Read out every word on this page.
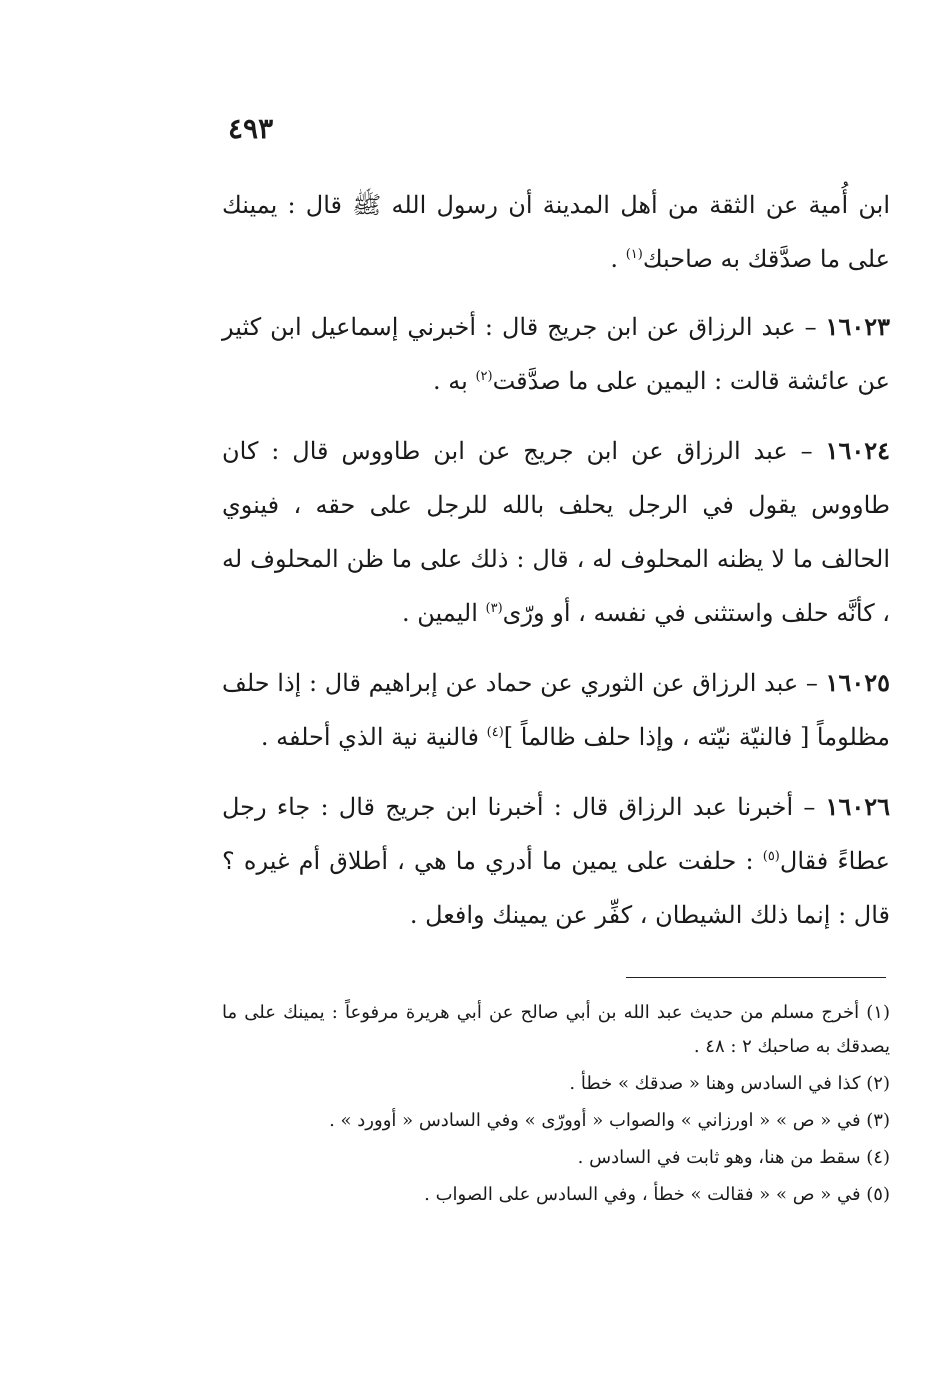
٤٩٣

ابن أُمية عن الثقة من أهل المدينة أن رسول الله ﷺ قال : يمينك على ما صدَّقك به صاحبك$^{(١)}$ .

١٦٠٢٣ – عبد الرزاق عن ابن جريج قال : أخبرني إسماعيل ابن كثير عن عائشة قالت : اليمين على ما صدَّقت$^{(٢)}$ به .

١٦٠٢٤ – عبد الرزاق عن ابن جريج عن ابن طاووس قال : كان طاووس يقول في الرجل يحلف بالله للرجل على حقه ، فينوي الحالف ما لا يظنه المحلوف له ، قال : ذلك على ما ظن المحلوف له ، كأنَّه حلف واستثنى في نفسه ، أو ورّى$^{(٣)}$ اليمين .

١٦٠٢٥ – عبد الرزاق عن الثوري عن حماد عن إبراهيم قال : إذا حلف مظلوماً [ فالنيّة نيّته ، وإذا حلف ظالماً ]$^{(٤)}$ فالنية نية الذي أحلفه .

١٦٠٢٦ – أخبرنا عبد الرزاق قال : أخبرنا ابن جريج قال : جاء رجل عطاءً فقال$^{(٥)}$ : حلفت على يمين ما أدري ما هي ، أطلاق أم غيره ؟ قال : إنما ذلك الشيطان ، كفِّر عن يمينك وافعل .

(١) أخرج مسلم من حديث عبد الله بن أبي صالح عن أبي هريرة مرفوعاً : يمينك على ما يصدقك به صاحبك ٢ : ٤٨ .

(٢) كذا في السادس وهنا « صدقك » خطأ .

(٣) في « ص » « اورزاني » والصواب « أوورّى » وفي السادس « أوورد » .

(٤) سقط من هنا، وهو ثابت في السادس .

(٥) في « ص » « فقالت » خطأ ، وفي السادس على الصواب .
